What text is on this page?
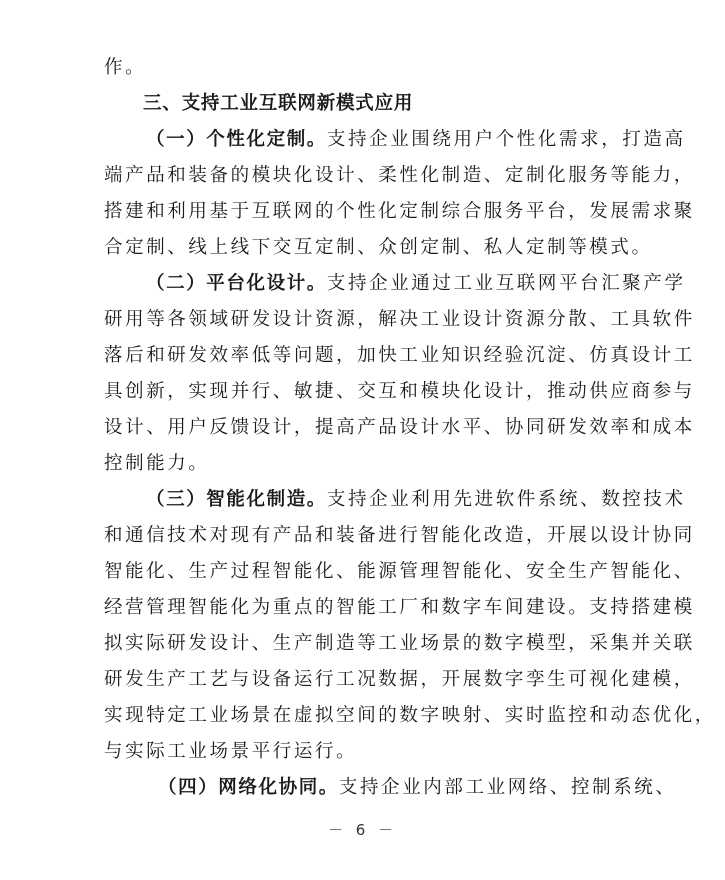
作。
三、支持工业互联网新模式应用
（一）个性化定制。支持企业围绕用户个性化需求，打造高
端产品和装备的模块化设计、柔性化制造、定制化服务等能力，
搭建和利用基于互联网的个性化定制综合服务平台，发展需求聚
合定制、线上线下交互定制、众创定制、私人定制等模式。
（二）平台化设计。支持企业通过工业互联网平台汇聚产学
研用等各领域研发设计资源，解决工业设计资源分散、工具软件
落后和研发效率低等问题，加快工业知识经验沉淀、仿真设计工
具创新，实现并行、敏捷、交互和模块化设计，推动供应商参与
设计、用户反馈设计，提高产品设计水平、协同研发效率和成本
控制能力。
（三）智能化制造。支持企业利用先进软件系统、数控技术
和通信技术对现有产品和装备进行智能化改造，开展以设计协同
智能化、生产过程智能化、能源管理智能化、安全生产智能化、
经营管理智能化为重点的智能工厂和数字车间建设。支持搭建模
拟实际研发设计、生产制造等工业场景的数字模型，采集并关联
研发生产工艺与设备运行工况数据，开展数字孪生可视化建模，
实现特定工业场景在虚拟空间的数字映射、实时监控和动态优化，
与实际工业场景平行运行。
（四）网络化协同。支持企业内部工业网络、控制系统、
－ 6 －
